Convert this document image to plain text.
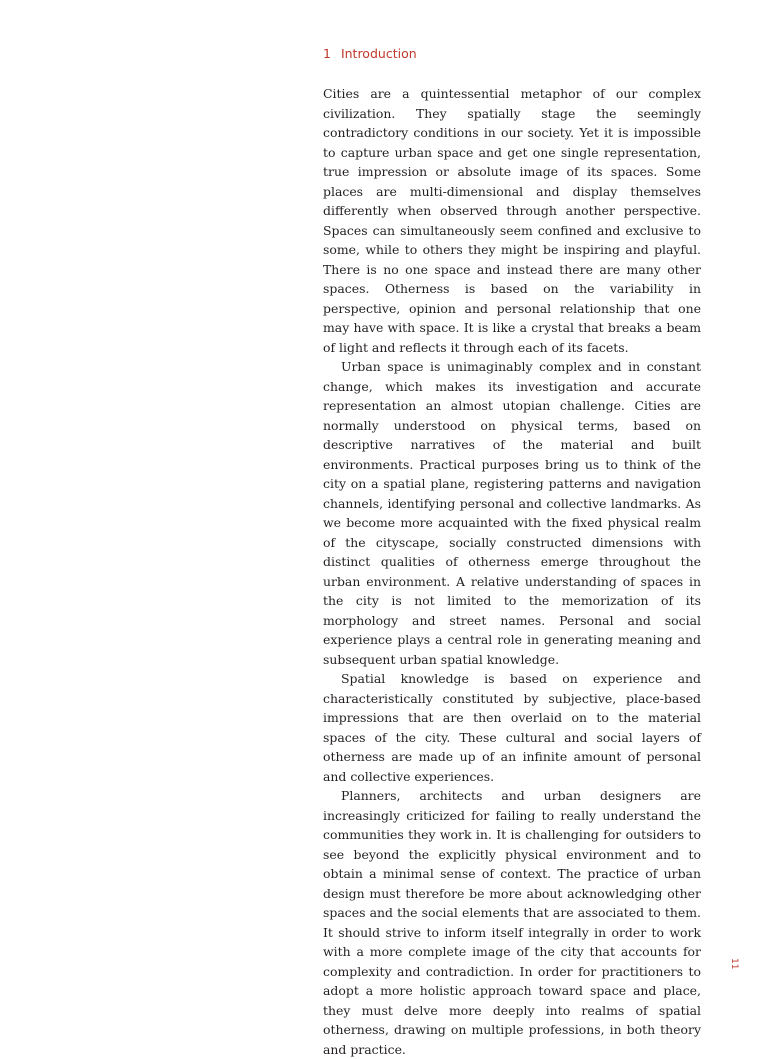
1 Introduction

Cities are a quintessential metaphor of our complex civilization. They spatially stage the seemingly contradictory conditions in our society. Yet it is impossible to capture urban space and get one single representation, true impression or absolute image of its spaces. Some places are multi-dimensional and display themselves differently when observed through another perspective. Spaces can simultaneously seem confined and exclusive to some, while to others they might be inspiring and playful. There is no one space and instead there are many other spaces. Otherness is based on the variability in perspective, opinion and personal relationship that one may have with space. It is like a crystal that breaks a beam of light and reflects it through each of its facets.

Urban space is unimaginably complex and in constant change, which makes its investigation and accurate representation an almost utopian challenge. Cities are normally understood on physical terms, based on descriptive narratives of the material and built environments. Practical purposes bring us to think of the city on a spatial plane, registering patterns and navigation channels, identifying personal and collective landmarks. As we become more acquainted with the fixed physical realm of the cityscape, socially constructed dimensions with distinct qualities of otherness emerge throughout the urban environment. A relative understanding of spaces in the city is not limited to the memorization of its morphology and street names. Personal and social experience plays a central role in generating meaning and subsequent urban spatial knowledge.

Spatial knowledge is based on experience and characteristically constituted by subjective, place-based impressions that are then overlaid on to the material spaces of the city. These cultural and social layers of otherness are made up of an infinite amount of personal and collective experiences.

Planners, architects and urban designers are increasingly criticized for failing to really understand the communities they work in. It is challenging for outsiders to see beyond the explicitly physical environment and to obtain a minimal sense of context. The practice of urban design must therefore be more about acknowledging other spaces and the social elements that are associated to them. It should strive to inform itself integrally in order to work with a more complete image of the city that accounts for complexity and contradiction. In order for practitioners to adopt a more holistic approach toward space and place, they must delve more deeply into realms of spatial otherness, drawing on multiple professions, in both theory and practice.

11
